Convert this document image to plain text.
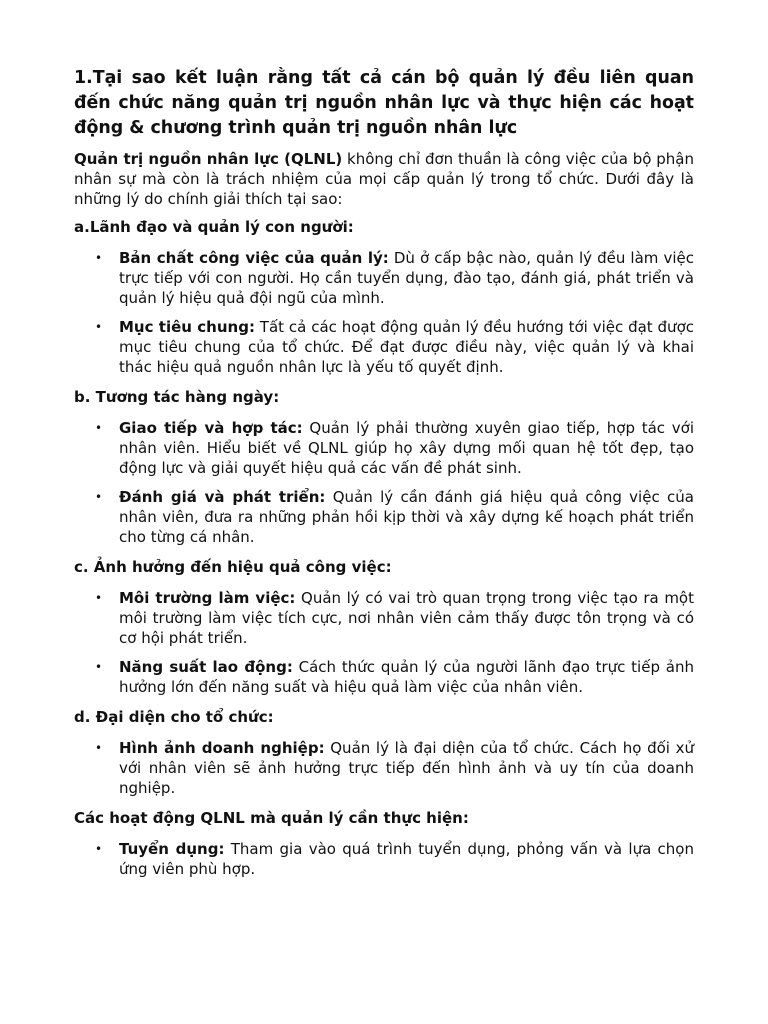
1.Tại sao kết luận rằng tất cả cán bộ quản lý đều liên quan đến chức năng quản trị nguồn nhân lực và thực hiện các hoạt động & chương trình quản trị nguồn nhân lực

Quản trị nguồn nhân lực (QLNL) không chỉ đơn thuần là công việc của bộ phận nhân sự mà còn là trách nhiệm của mọi cấp quản lý trong tổ chức. Dưới đây là những lý do chính giải thích tại sao:

a.Lãnh đạo và quản lý con người:
• Bản chất công việc của quản lý: Dù ở cấp bậc nào, quản lý đều làm việc trực tiếp với con người. Họ cần tuyển dụng, đào tạo, đánh giá, phát triển và quản lý hiệu quả đội ngũ của mình.
• Mục tiêu chung: Tất cả các hoạt động quản lý đều hướng tới việc đạt được mục tiêu chung của tổ chức. Để đạt được điều này, việc quản lý và khai thác hiệu quả nguồn nhân lực là yếu tố quyết định.
b. Tương tác hàng ngày:
• Giao tiếp và hợp tác: Quản lý phải thường xuyên giao tiếp, hợp tác với nhân viên. Hiểu biết về QLNL giúp họ xây dựng mối quan hệ tốt đẹp, tạo động lực và giải quyết hiệu quả các vấn đề phát sinh.
• Đánh giá và phát triển: Quản lý cần đánh giá hiệu quả công việc của nhân viên, đưa ra những phản hồi kịp thời và xây dựng kế hoạch phát triển cho từng cá nhân.
c. Ảnh hưởng đến hiệu quả công việc:
• Môi trường làm việc: Quản lý có vai trò quan trọng trong việc tạo ra một môi trường làm việc tích cực, nơi nhân viên cảm thấy được tôn trọng và có cơ hội phát triển.
• Năng suất lao động: Cách thức quản lý của người lãnh đạo trực tiếp ảnh hưởng lớn đến năng suất và hiệu quả làm việc của nhân viên.
d. Đại diện cho tổ chức:
• Hình ảnh doanh nghiệp: Quản lý là đại diện của tổ chức. Cách họ đối xử với nhân viên sẽ ảnh hưởng trực tiếp đến hình ảnh và uy tín của doanh nghiệp.
Các hoạt động QLNL mà quản lý cần thực hiện:
• Tuyển dụng: Tham gia vào quá trình tuyển dụng, phỏng vấn và lựa chọn ứng viên phù hợp.
